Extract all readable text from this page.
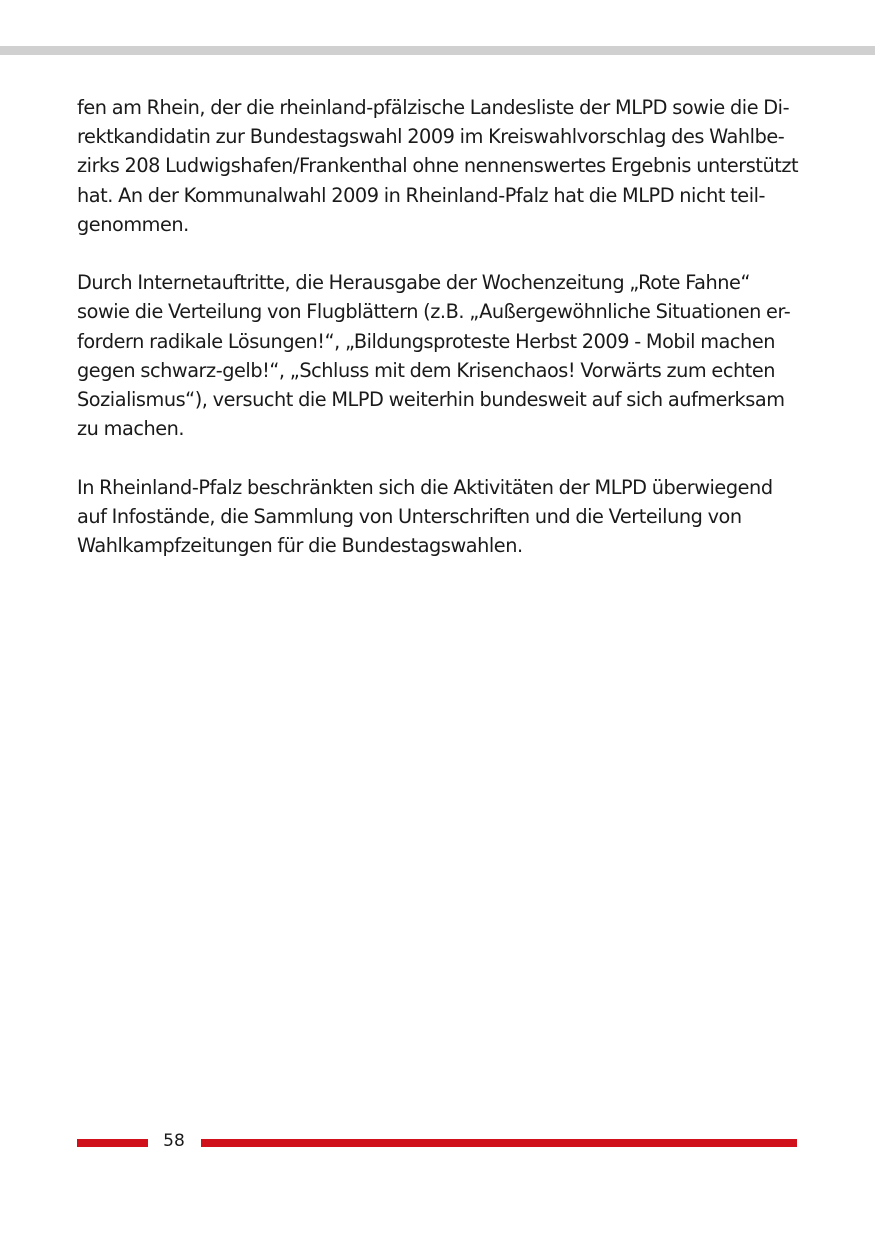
fen am Rhein, der die rheinland-pfälzische Landesliste der MLPD sowie die Di-
rektkandidatin zur Bundestagswahl 2009 im Kreiswahlvorschlag des Wahlbe-
zirks 208 Ludwigshafen/Frankenthal ohne nennenswertes Ergebnis unterstützt
hat. An der Kommunalwahl 2009 in Rheinland-Pfalz hat die MLPD nicht teil-
genommen.

Durch Internetauftritte, die Herausgabe der Wochenzeitung „Rote Fahne“
sowie die Verteilung von Flugblättern (z.B. „Außergewöhnliche Situationen er-
fordern radikale Lösungen!“, „Bildungsproteste Herbst 2009 - Mobil machen
gegen schwarz-gelb!“, „Schluss mit dem Krisenchaos! Vorwärts zum echten
Sozialismus“), versucht die MLPD weiterhin bundesweit auf sich aufmerksam
zu machen.

In Rheinland-Pfalz beschränkten sich die Aktivitäten der MLPD überwiegend
auf Infostände, die Sammlung von Unterschriften und die Verteilung von
Wahlkampfzeitungen für die Bundestagswahlen.

58
